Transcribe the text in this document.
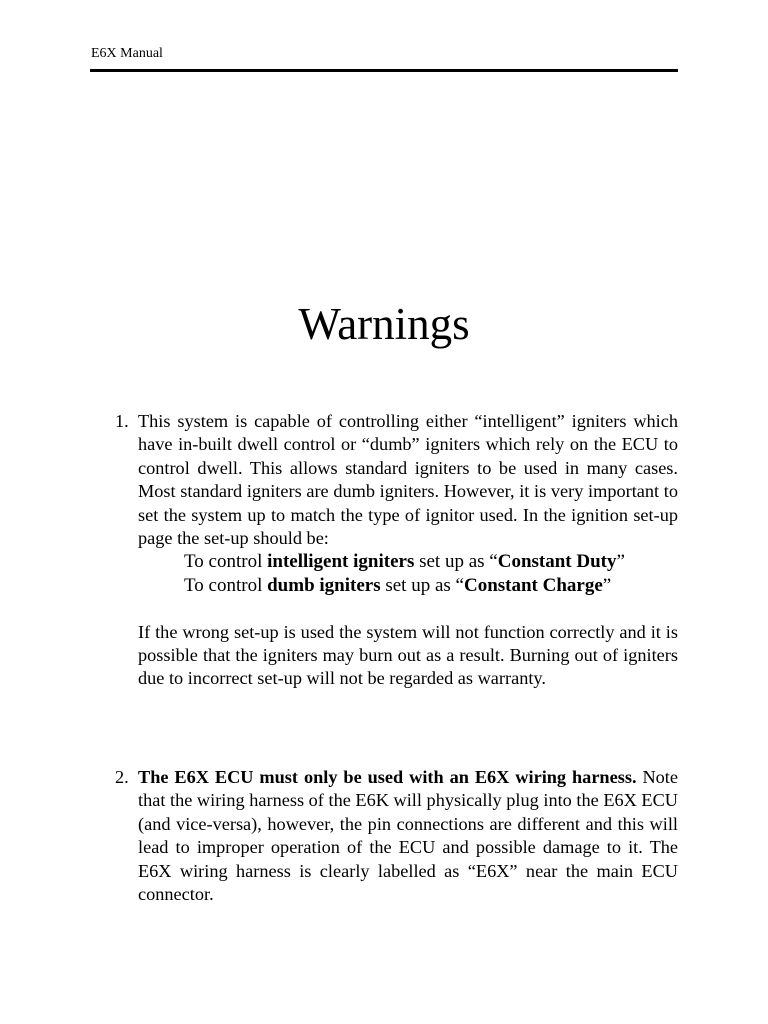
E6X Manual
Warnings
1. This system is capable of controlling either “intelligent” igniters which have in-built dwell control or “dumb” igniters which rely on the ECU to control dwell. This allows standard igniters to be used in many cases. Most standard igniters are dumb igniters. However, it is very important to set the system up to match the type of ignitor used. In the ignition set-up page the set-up should be:

To control intelligent igniters set up as “Constant Duty”

To control dumb igniters set up as “Constant Charge”

If the wrong set-up is used the system will not function correctly and it is possible that the igniters may burn out as a result. Burning out of igniters due to incorrect set-up will not be regarded as warranty.

2. The E6X ECU must only be used with an E6X wiring harness. Note that the wiring harness of the E6K will physically plug into the E6X ECU (and vice-versa), however, the pin connections are different and this will lead to improper operation of the ECU and possible damage to it. The E6X wiring harness is clearly labelled as “E6X” near the main ECU connector.
